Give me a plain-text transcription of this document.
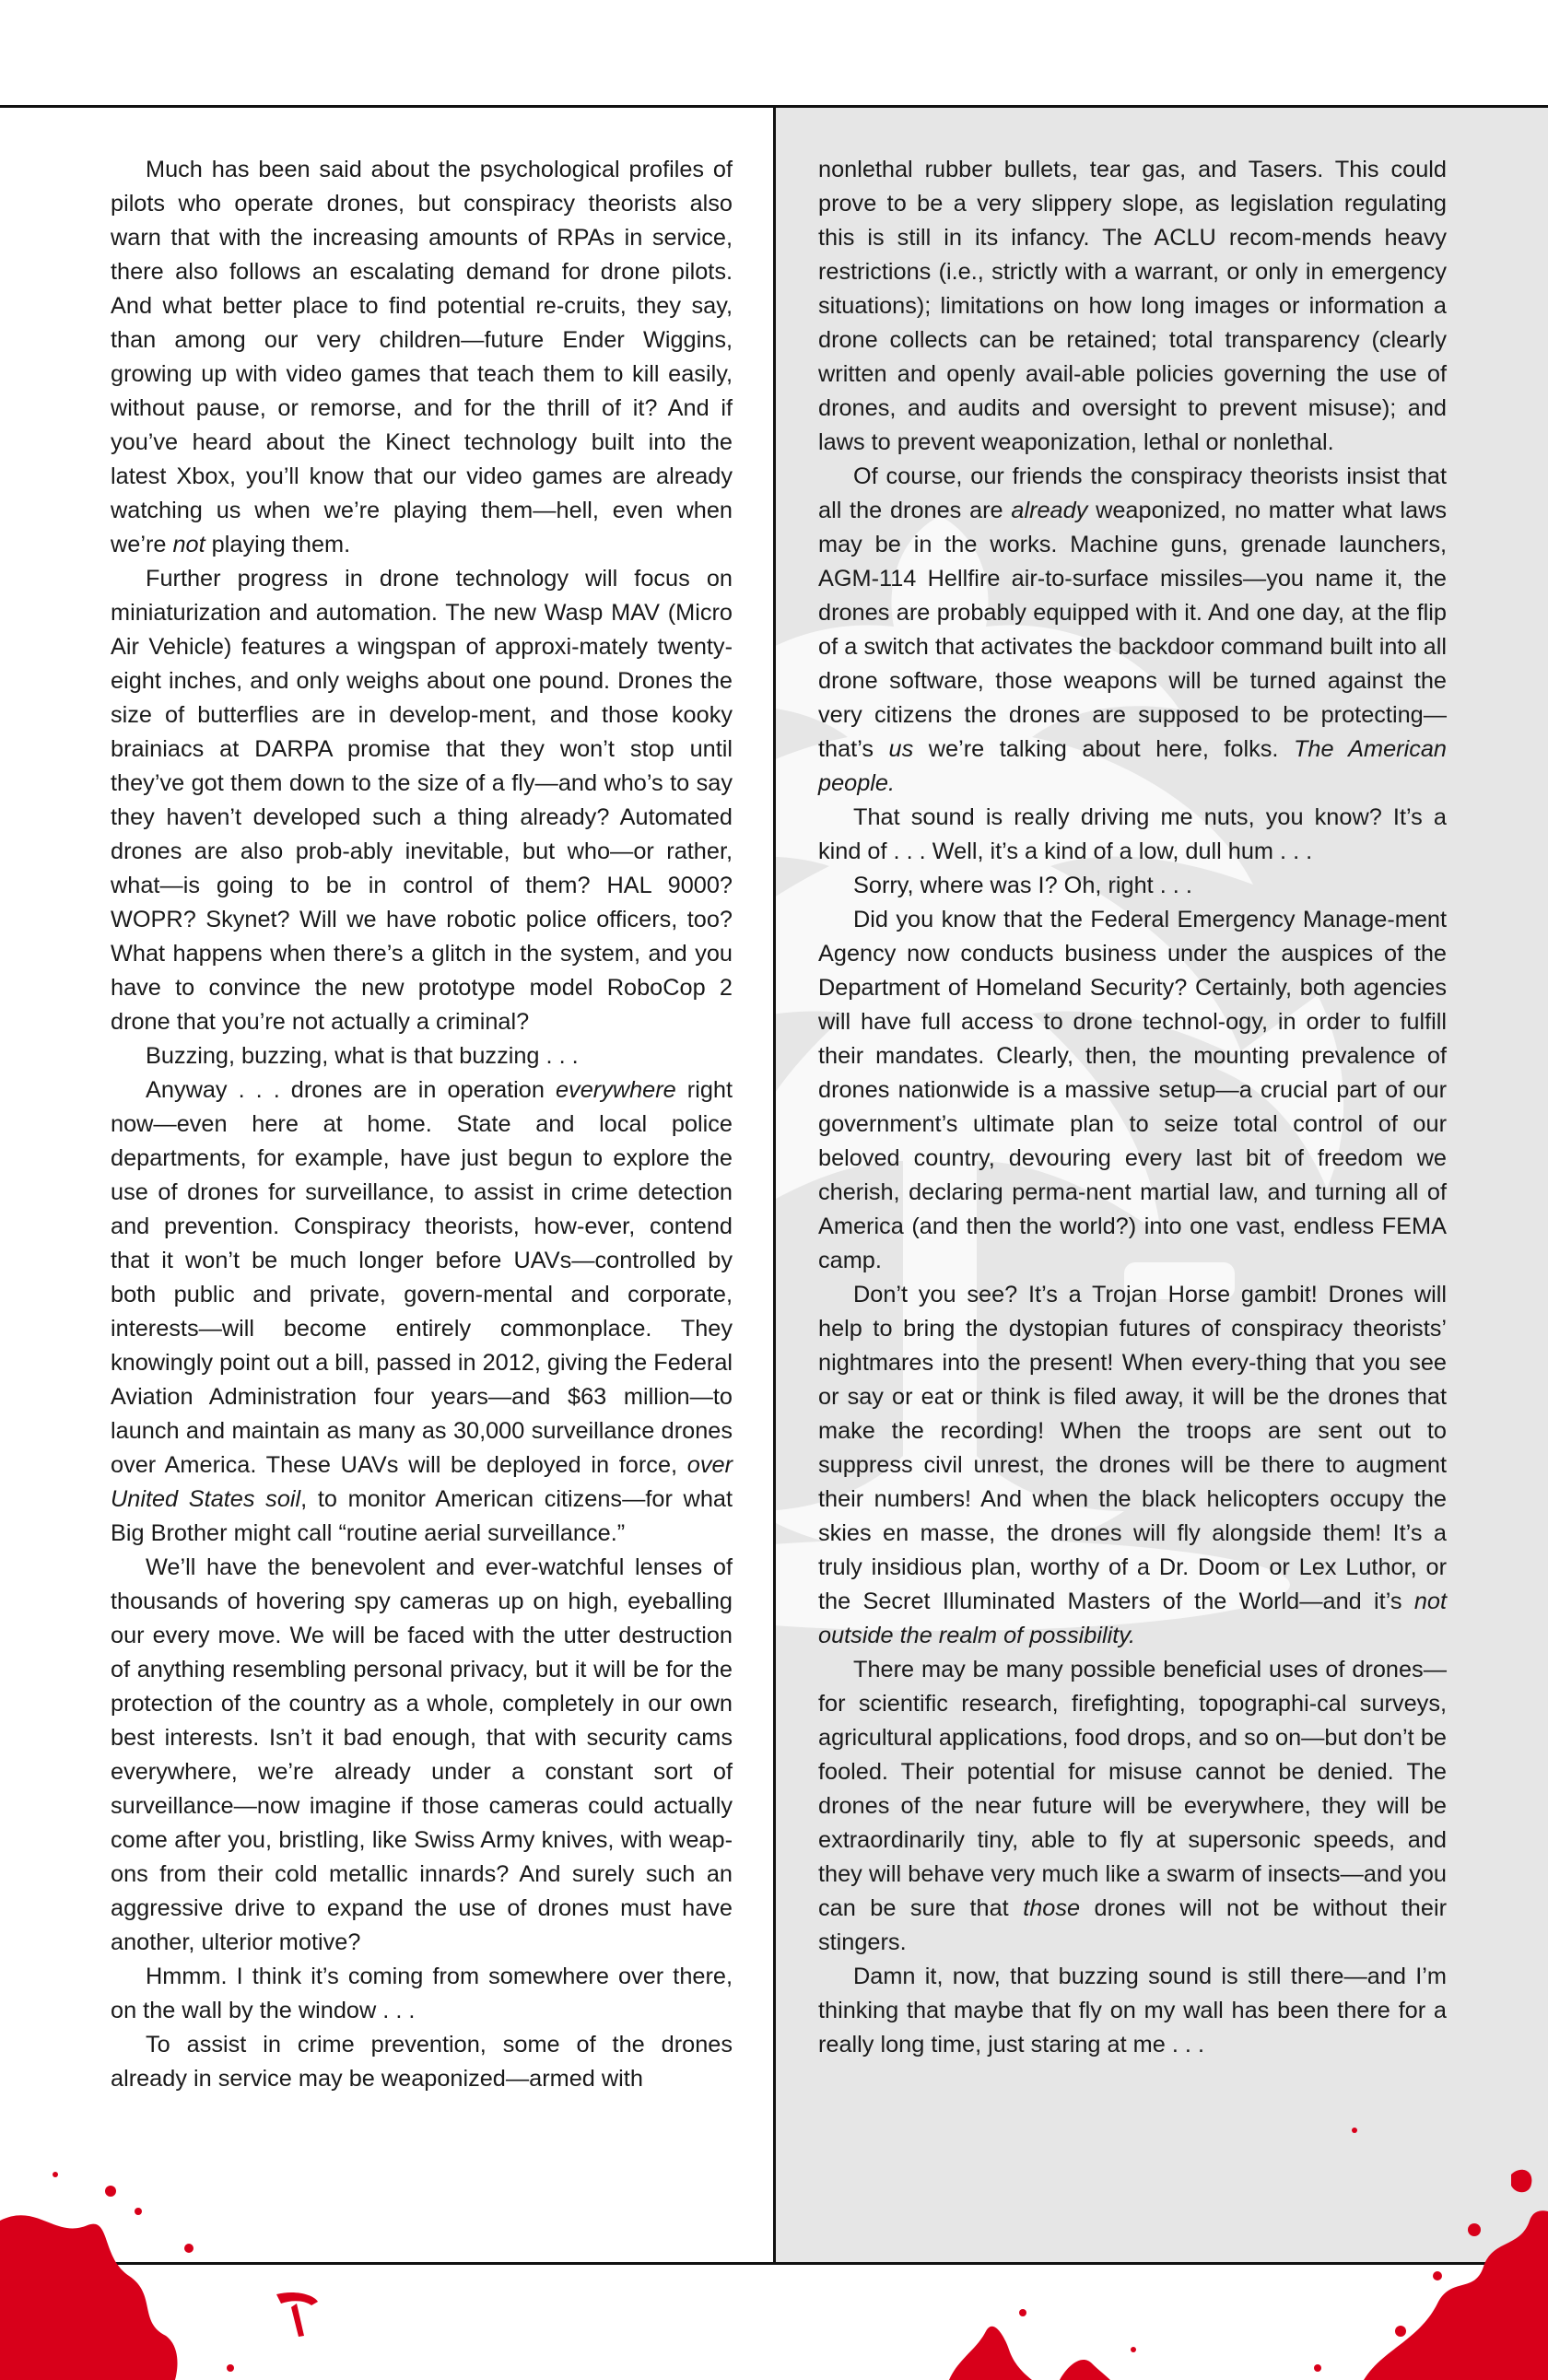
Much has been said about the psychological profiles of pilots who operate drones, but conspiracy theorists also warn that with the increasing amounts of RPAs in service, there also follows an escalating demand for drone pilots. And what better place to find potential re-cruits, they say, than among our very children—future Ender Wiggins, growing up with video games that teach them to kill easily, without pause, or remorse, and for the thrill of it? And if you’ve heard about the Kinect technology built into the latest Xbox, you’ll know that our video games are already watching us when we’re playing them—hell, even when we’re not playing them.

Further progress in drone technology will focus on miniaturization and automation. The new Wasp MAV (Micro Air Vehicle) features a wingspan of approxi-mately twenty-eight inches, and only weighs about one pound. Drones the size of butterflies are in develop-ment, and those kooky brainiacs at DARPA promise that they won’t stop until they’ve got them down to the size of a fly—and who’s to say they haven’t developed such a thing already? Automated drones are also prob-ably inevitable, but who—or rather, what—is going to be in control of them? HAL 9000? WOPR? Skynet? Will we have robotic police officers, too? What happens when there’s a glitch in the system, and you have to convince the new prototype model RoboCop 2 drone that you’re not actually a criminal?

Buzzing, buzzing, what is that buzzing . . .

Anyway . . . drones are in operation everywhere right now—even here at home. State and local police departments, for example, have just begun to explore the use of drones for surveillance, to assist in crime detection and prevention. Conspiracy theorists, how-ever, contend that it won’t be much longer before UAVs—controlled by both public and private, govern-mental and corporate, interests—will become entirely commonplace. They knowingly point out a bill, passed in 2012, giving the Federal Aviation Administration four years—and $63 million—to launch and maintain as many as 30,000 surveillance drones over America. These UAVs will be deployed in force, over United States soil, to monitor American citizens—for what Big Brother might call “routine aerial surveillance.”

We’ll have the benevolent and ever-watchful lenses of thousands of hovering spy cameras up on high, eyeballing our every move. We will be faced with the utter destruction of anything resembling personal privacy, but it will be for the protection of the country as a whole, completely in our own best interests. Isn’t it bad enough, that with security cams everywhere, we’re already under a constant sort of surveillance—now imagine if those cameras could actually come after you, bristling, like Swiss Army knives, with weap-ons from their cold metallic innards? And surely such an aggressive drive to expand the use of drones must have another, ulterior motive?

Hmmm. I think it’s coming from somewhere over there, on the wall by the window . . .

To assist in crime prevention, some of the drones already in service may be weaponized—armed with

nonlethal rubber bullets, tear gas, and Tasers. This could prove to be a very slippery slope, as legislation regulating this is still in its infancy. The ACLU recom-mends heavy restrictions (i.e., strictly with a warrant, or only in emergency situations); limitations on how long images or information a drone collects can be retained; total transparency (clearly written and openly avail-able policies governing the use of drones, and audits and oversight to prevent misuse); and laws to prevent weaponization, lethal or nonlethal.

Of course, our friends the conspiracy theorists insist that all the drones are already weaponized, no matter what laws may be in the works. Machine guns, grenade launchers, AGM-114 Hellfire air-to-surface missiles—you name it, the drones are probably equipped with it. And one day, at the flip of a switch that activates the backdoor command built into all drone software, those weapons will be turned against the very citizens the drones are supposed to be protecting—that’s us we’re talking about here, folks. The American people.

That sound is really driving me nuts, you know? It’s a kind of . . . Well, it’s a kind of a low, dull hum . . .

Sorry, where was I? Oh, right . . .

Did you know that the Federal Emergency Manage-ment Agency now conducts business under the auspices of the Department of Homeland Security? Certainly, both agencies will have full access to drone technol-ogy, in order to fulfill their mandates. Clearly, then, the mounting prevalence of drones nationwide is a massive setup—a crucial part of our government’s ultimate plan to seize total control of our beloved country, devouring every last bit of freedom we cherish, declaring perma-nent martial law, and turning all of America (and then the world?) into one vast, endless FEMA camp.

Don’t you see? It’s a Trojan Horse gambit! Drones will help to bring the dystopian futures of conspiracy theorists’ nightmares into the present! When every-thing that you see or say or eat or think is filed away, it will be the drones that make the recording! When the troops are sent out to suppress civil unrest, the drones will be there to augment their numbers! And when the black helicopters occupy the skies en masse, the drones will fly alongside them! It’s a truly insidious plan, worthy of a Dr. Doom or Lex Luthor, or the Secret Illuminated Masters of the World—and it’s not outside the realm of possibility.

There may be many possible beneficial uses of drones—for scientific research, firefighting, topographi-cal surveys, agricultural applications, food drops, and so on—but don’t be fooled. Their potential for misuse cannot be denied. The drones of the near future will be everywhere, they will be extraordinarily tiny, able to fly at supersonic speeds, and they will behave very much like a swarm of insects—and you can be sure that those drones will not be without their stingers.

Damn it, now, that buzzing sound is still there—and I’m thinking that maybe that fly on my wall has been there for a really long time, just staring at me . . .
